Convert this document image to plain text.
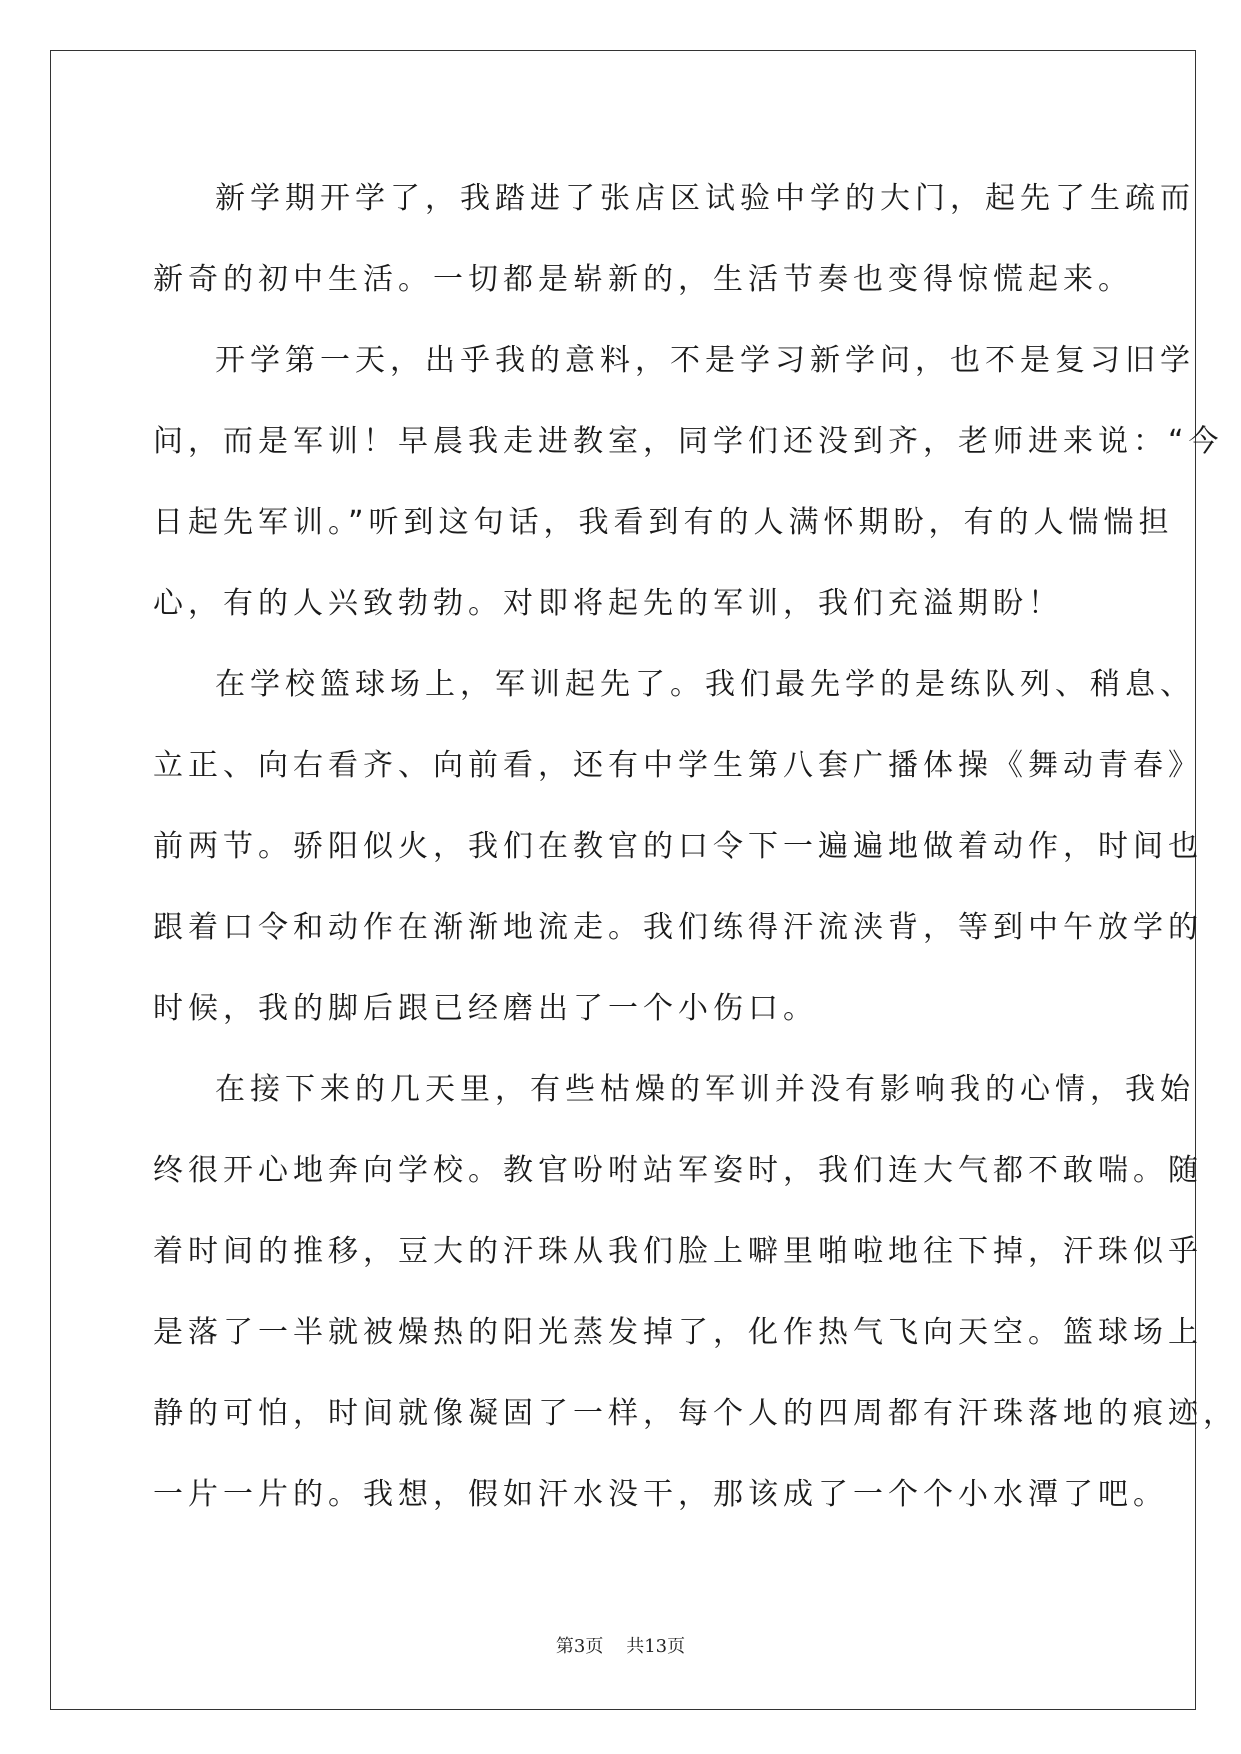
新学期开学了，我踏进了张店区试验中学的大门，起先了生疏而
新奇的初中生活。一切都是崭新的，生活节奏也变得惊慌起来。
开学第一天，出乎我的意料，不是学习新学问，也不是复习旧学
问，而是军训！早晨我走进教室，同学们还没到齐，老师进来说：“今
日起先军训。”听到这句话，我看到有的人满怀期盼，有的人惴惴担
心，有的人兴致勃勃。对即将起先的军训，我们充溢期盼！
在学校篮球场上，军训起先了。我们最先学的是练队列、稍息、
立正、向右看齐、向前看，还有中学生第八套广播体操《舞动青春》
前两节。骄阳似火，我们在教官的口令下一遍遍地做着动作，时间也
跟着口令和动作在渐渐地流走。我们练得汗流浃背，等到中午放学的
时候，我的脚后跟已经磨出了一个小伤口。
在接下来的几天里，有些枯燥的军训并没有影响我的心情，我始
终很开心地奔向学校。教官吩咐站军姿时，我们连大气都不敢喘。随
着时间的推移，豆大的汗珠从我们脸上噼里啪啦地往下掉，汗珠似乎
是落了一半就被燥热的阳光蒸发掉了，化作热气飞向天空。篮球场上
静的可怕，时间就像凝固了一样，每个人的四周都有汗珠落地的痕迹，
一片一片的。我想，假如汗水没干，那该成了一个个小水潭了吧。
第3页 共13页
